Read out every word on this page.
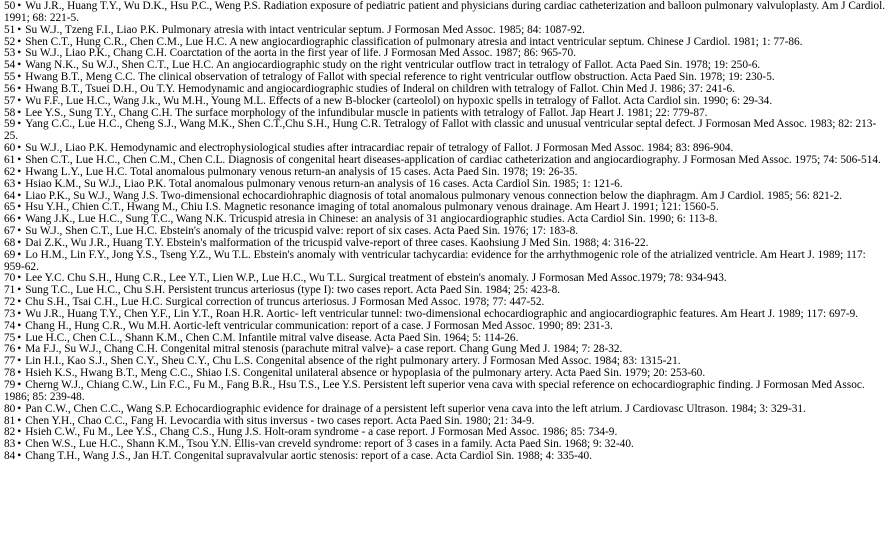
50 • Wu J.R., Huang T.Y., Wu D.K., Hsu P.C., Weng P.S. Radiation exposure of pediatric patient and physicians during cardiac catheterization and balloon pulmonary valvuloplasty. Am J Cardiol. 1991; 68: 221-5.
51 • Su W.J., Tzeng F.I., Liao P.K. Pulmonary atresia with intact ventricular septum. J Formosan Med Assoc. 1985; 84: 1087-92.
52 • Shen C.T., Hung C.R., Chen C.M., Lue H.C. A new angiocardiographic classification of pulmonary atresia and intact ventricular septum. Chinese J Cardiol. 1981; 1: 77-86.
53 • Su W.J., Liao P.K., Chang C.H. Coarctation of the aorta in the first year of life. J Formosan Med Assoc. 1987; 86: 965-70.
54 • Wang N.K., Su W.J., Shen C.T., Lue H.C. An angiocardiographic study on the right ventricular outflow tract in tetralogy of Fallot. Acta Paed Sin. 1978; 19: 250-6.
55 • Hwang B.T., Meng C.C. The clinical observation of tetralogy of Fallot with special reference to right ventricular outflow obstruction. Acta Paed Sin. 1978; 19: 230-5.
56 • Hwang B.T., Tsuei D.H., Ou T.Y. Hemodynamic and angiocardiographic studies of Inderal on children with tetralogy of Fallot. Chin Med J. 1986; 37: 241-6.
57 • Wu F.F., Lue H.C., Wang J.k., Wu M.H., Young M.L. Effects of a new B-blocker (carteolol) on hypoxic spells in tetralogy of Fallot. Acta Cardiol sin. 1990; 6: 29-34.
58 • Lee Y.S., Sung T.Y., Chang C.H. The surface morphology of the infundibular muscle in patients with tetralogy of Fallot. Jap Heart J. 1981; 22: 779-87.
59 • Yang C.C., Lue H.C., Cheng S.J., Wang M.K., Shen C.T.,Chu S.H., Hung C.R. Tetralogy of Fallot with classic and unusual ventricular septal defect. J Formosan Med Assoc. 1983; 82: 213-25.
60 • Su W.J., Liao P.K. Hemodynamic and electrophysiological studies after intracardiac repair of tetralogy of Fallot. J Formosan Med Assoc. 1984; 83: 896-904.
61 • Shen C.T., Lue H.C., Chen C.M., Chen C.L. Diagnosis of congenital heart diseases-application of cardiac catheterization and angiocardiography. J Formosan Med Assoc. 1975; 74: 506-514.
62 • Hwang L.Y., Lue H.C. Total anomalous pulmonary venous return-an analysis of 15 cases. Acta Paed Sin. 1978; 19: 26-35.
63 • Hsiao K.M., Su W.J., Liao P.K. Total anomalous pulmonary venous return-an analysis of 16 cases. Acta Cardiol Sin. 1985; 1: 121-6.
64 • Liao P.K., Su W.J., Wang J.S. Two-dimensional echocardiohraphic diagnosis of total anomalous pulmonary venous connection below the diaphragm. Am J Cardiol. 1985; 56: 821-2.
65 • Hsu Y.H., Chien C.T., Hwang M., Chiu I.S. Magnetic resonance imaging of total anomalous pulmonary venous drainage. Am Heart J. 1991; 121: 1560-5.
66 • Wang J.K., Lue H.C., Sung T.C., Wang N.K. Tricuspid atresia in Chinese: an analysis of 31 angiocardiographic studies. Acta Cardiol Sin. 1990; 6: 113-8.
67 • Su W.J., Shen C.T., Lue H.C. Ebstein's anomaly of the tricuspid valve: report of six cases. Acta Paed Sin. 1976; 17: 183-8.
68 • Dai Z.K., Wu J.R., Huang T.Y. Ebstein's malformation of the tricuspid valve-report of three cases. Kaohsiung J Med Sin. 1988; 4: 316-22.
69 • Lo H.M., Lin F.Y., Jong Y.S., Tseng Y.Z., Wu T.L. Ebstein's anomaly with ventricular tachycardia: evidence for the arrhythmogenic role of the atrialized ventricle. Am Heart J. 1989; 117: 959-62.
70 • Lee Y.C. Chu S.H., Hung C.R., Lee Y.T., Lien W.P., Lue H.C., Wu T.L. Surgical treatment of ebstein's anomaly. J Formosan Med Assoc.1979; 78: 934-943.
71 • Sung T.C., Lue H.C., Chu S.H. Persistent truncus arteriosus (type I): two cases report. Acta Paed Sin. 1984; 25: 423-8.
72 • Chu S.H., Tsai C.H., Lue H.C. Surgical correction of truncus arteriosus. J Formosan Med Assoc. 1978; 77: 447-52.
73 • Wu J.R., Huang T.Y., Chen Y.F., Lin Y.T., Roan H.R. Aortic- left ventricular tunnel: two-dimensional echocardiographic and angiocardiographic features. Am Heart J. 1989; 117: 697-9.
74 • Chang H., Hung C.R., Wu M.H. Aortic-left ventricular communication: report of a case. J Formosan Med Assoc. 1990; 89: 231-3.
75 • Lue H.C., Chen C.L., Shann K.M., Chen C.M. Infantile mitral valve disease. Acta Paed Sin. 1964; 5: 114-26.
76 • Ma F.J., Su W.J., Chang C.H. Congenital mitral stenosis (parachute mitral valve)- a case report. Chang Gung Med J. 1984; 7: 28-32.
77 • Lin H.I., Kao S.J., Shen C.Y., Sheu C.Y., Chu L.S. Congenital absence of the right pulmonary artery. J Formosan Med Assoc. 1984; 83: 1315-21.
78 • Hsieh K.S., Hwang B.T., Meng C.C., Shiao I.S. Congenital unilateral absence or hypoplasia of the pulmonary artery. Acta Paed Sin. 1979; 20: 253-60.
79 • Cherng W.J., Chiang C.W., Lin F.C., Fu M., Fang B.R., Hsu T.S., Lee Y.S. Persistent left superior vena cava with special reference on echocardiographic finding. J Formosan Med Assoc. 1986; 85: 239-48.
80 • Pan C.W., Chen C.C., Wang S.P. Echocardiographic evidence for drainage of a persistent left superior vena cava into the left atrium. J Cardiovasc Ultrason. 1984; 3: 329-31.
81 • Chen Y.H., Chao C.C., Fang H. Levocardia with situs inversus - two cases report. Acta Paed Sin. 1980; 21: 34-9.
82 • Hsieh C.W., Fu M., Lee Y.S., Chang C.S., Hung J.S. Holt-oram syndrome - a case report. J Formosan Med Assoc. 1986; 85: 734-9.
83 • Chen W.S., Lue H.C., Shann K.M., Tsou Y.N. Ellis-van creveld syndrome: report of 3 cases in a family. Acta Paed Sin. 1968; 9: 32-40.
84 • Chang T.H., Wang J.S., Jan H.T. Congenital supravalvular aortic stenosis: report of a case. Acta Cardiol Sin. 1988; 4: 335-40.
